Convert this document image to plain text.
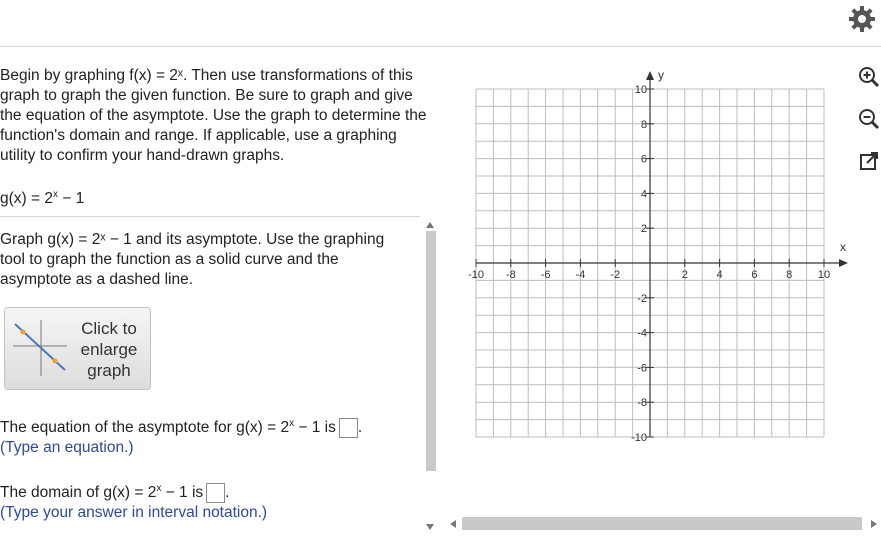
Begin by graphing f(x) = 2ˣ. Then use transformations of this graph to graph the given function. Be sure to graph and give the equation of the asymptote. Use the graph to determine the function's domain and range. If applicable, use a graphing utility to confirm your hand-drawn graphs.
$g(x) = 2^x - 1$
Graph g(x) = 2ˣ − 1 and its asymptote. Use the graphing tool to graph the function as a solid curve and the asymptote as a dashed line.
Click to enlarge graph
The equation of the asymptote for $g(x) = 2^x - 1$ is .
(Type an equation.)
The domain of $g(x) = 2^x - 1$ is .
(Type your answer in interval notation.)
x
y
-10 -8 -6 -4 -2	2	4	6	8 10
10
8
6
4
2
-2
-4
-6
-8
-10
